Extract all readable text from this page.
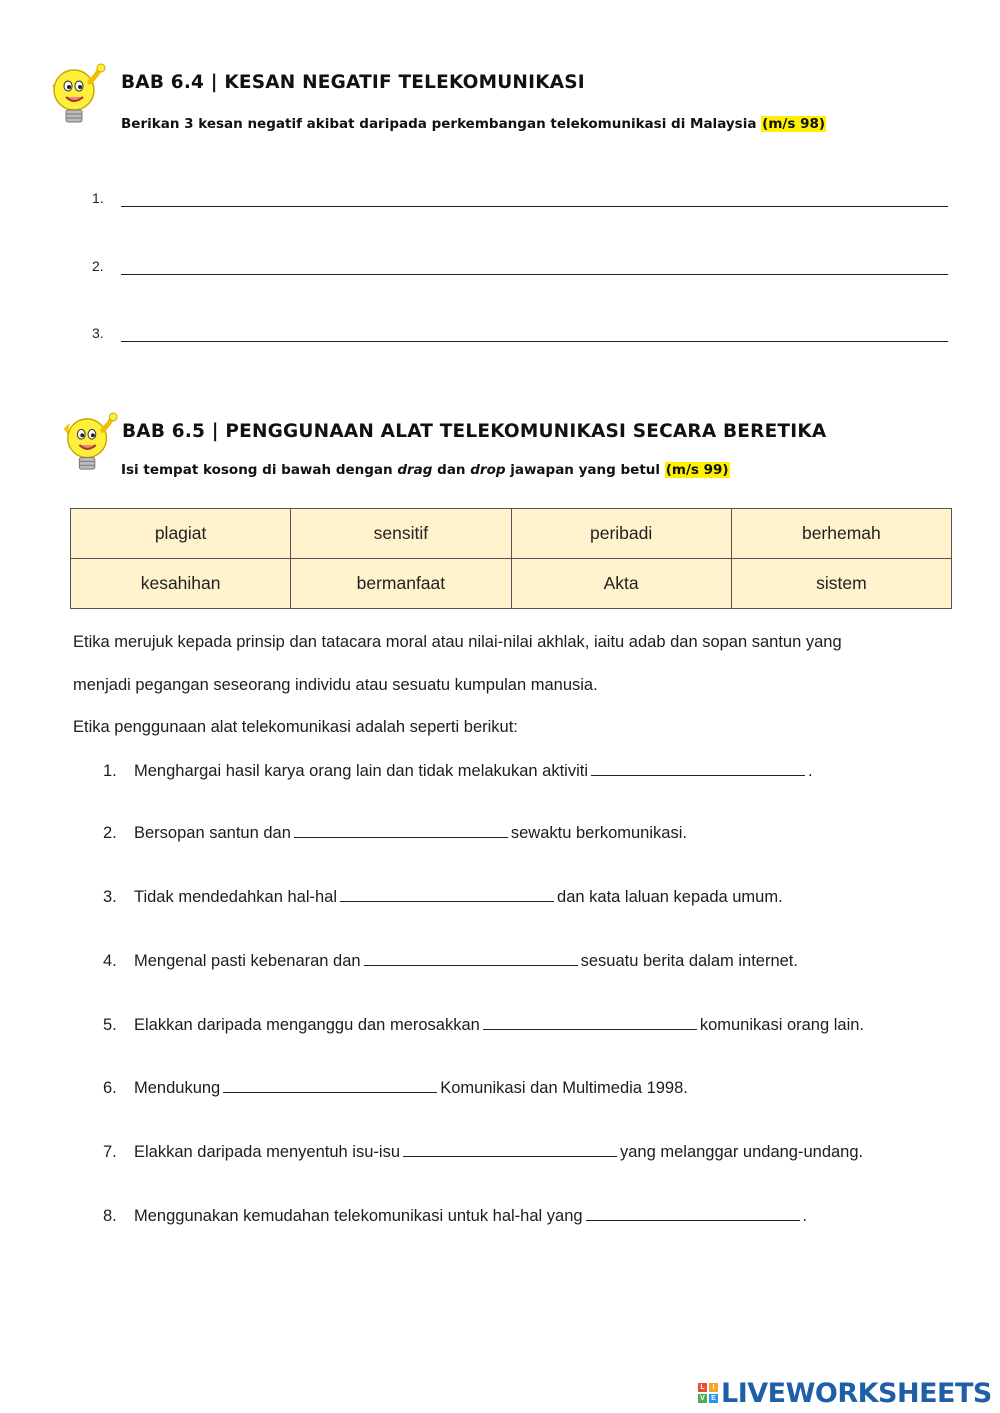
BAB 6.4 | KESAN NEGATIF TELEKOMUNIKASI
Berikan 3 kesan negatif akibat daripada perkembangan telekomunikasi di Malaysia (m/s 98)
1.
2.
3.
BAB 6.5 | PENGGUNAAN ALAT TELEKOMUNIKASI SECARA BERETIKA
Isi tempat kosong di bawah dengan drag dan drop jawapan yang betul (m/s 99)
plagiat	sensitif	peribadi	berhemah
kesahihan	bermanfaat	Akta	sistem
Etika merujuk kepada prinsip dan tatacara moral atau nilai-nilai akhlak, iaitu adab dan sopan santun yang
menjadi pegangan seseorang individu atau sesuatu kumpulan manusia.
Etika penggunaan alat telekomunikasi adalah seperti berikut:
1. Menghargai hasil karya orang lain dan tidak melakukan aktiviti	.
2. Bersopan santun dan	sewaktu berkomunikasi.
3. Tidak mendedahkan hal-hal	dan kata laluan kepada umum.
4. Mengenal pasti kebenaran dan	sesuatu berita dalam internet.
5. Elakkan daripada menganggu dan merosakkan	komunikasi orang lain.
6. Mendukung	Komunikasi dan Multimedia 1998.
7. Elakkan daripada menyentuh isu-isu	yang melanggar undang-undang.
8. Menggunakan kemudahan telekomunikasi untuk hal-hal yang	.
L	I
V E LIVEWORKSHEETS
